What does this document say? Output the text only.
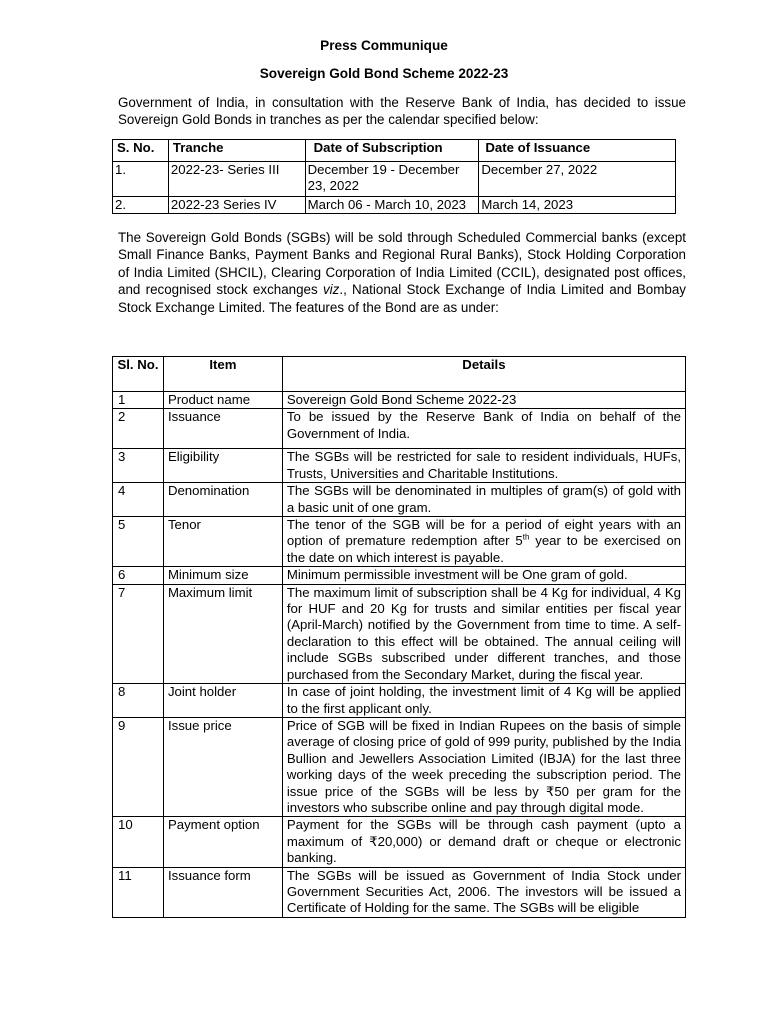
Press Communique
Sovereign Gold Bond Scheme 2022-23
Government of India, in consultation with the Reserve Bank of India, has decided to issue Sovereign Gold Bonds in tranches as per the calendar specified below:
S. No.	Tranche	Date of Subscription	Date of Issuance
1.	2022-23- Series III	December 19 - December 23, 2022	December 27, 2022
2.	2022-23 Series IV	March 06 - March 10, 2023	March 14, 2023
The Sovereign Gold Bonds (SGBs) will be sold through Scheduled Commercial banks (except Small Finance Banks, Payment Banks and Regional Rural Banks), Stock Holding Corporation of India Limited (SHCIL), Clearing Corporation of India Limited (CCIL), designated post offices, and recognised stock exchanges viz., National Stock Exchange of India Limited and Bombay Stock Exchange Limited. The features of the Bond are as under:
Sl. No.	Item	Details
1	Product name	Sovereign Gold Bond Scheme 2022-23
2	Issuance	To be issued by the Reserve Bank of India on behalf of the Government of India.
3	Eligibility	The SGBs will be restricted for sale to resident individuals, HUFs, Trusts, Universities and Charitable Institutions.
4	Denomination	The SGBs will be denominated in multiples of gram(s) of gold with a basic unit of one gram.
5	Tenor	The tenor of the SGB will be for a period of eight years with an option of premature redemption after 5th year to be exercised on the date on which interest is payable.
6	Minimum size	Minimum permissible investment will be One gram of gold.
7	Maximum limit	The maximum limit of subscription shall be 4 Kg for individual, 4 Kg for HUF and 20 Kg for trusts and similar entities per fiscal year (April-March) notified by the Government from time to time. A self-declaration to this effect will be obtained. The annual ceiling will include SGBs subscribed under different tranches, and those purchased from the Secondary Market, during the fiscal year.
8	Joint holder	In case of joint holding, the investment limit of 4 Kg will be applied to the first applicant only.
9	Issue price	Price of SGB will be fixed in Indian Rupees on the basis of simple average of closing price of gold of 999 purity, published by the India Bullion and Jewellers Association Limited (IBJA) for the last three working days of the week preceding the subscription period. The issue price of the SGBs will be less by ₹50 per gram for the investors who subscribe online and pay through digital mode.
10	Payment option	Payment for the SGBs will be through cash payment (upto a maximum of ₹20,000) or demand draft or cheque or electronic banking.
11	Issuance form	The SGBs will be issued as Government of India Stock under Government Securities Act, 2006. The investors will be issued a Certificate of Holding for the same. The SGBs will be eligible
